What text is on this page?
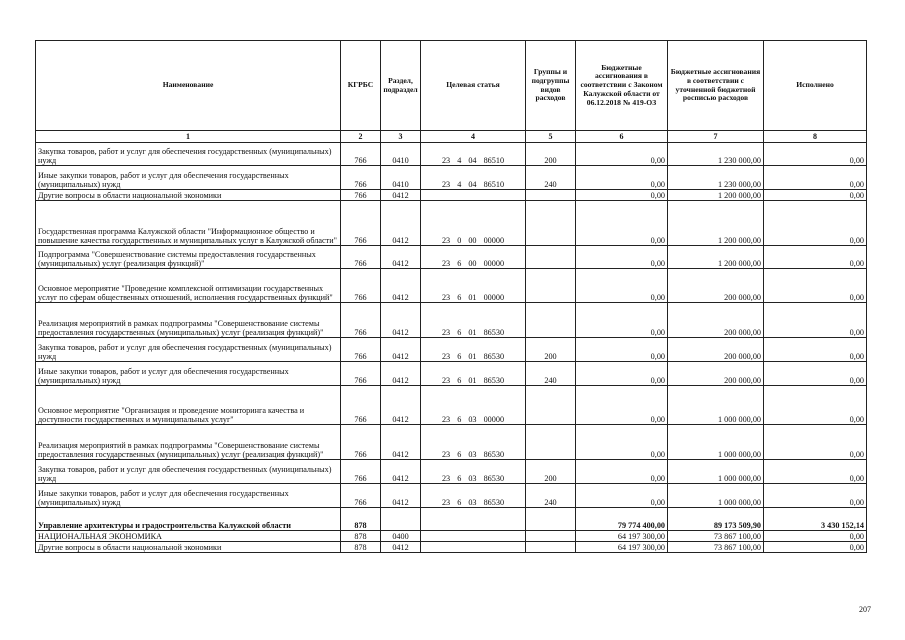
Наименование	КГРБС	Раздел, подраздел	Целевая статья	Группы и подгруппы видов расходов	Бюджетные ассигнования в соответствии с Законом Калужской области от 06.12.2018 № 419-ОЗ	Бюджетные ассигнования в соответствии с уточненной бюджетной росписью расходов	Исполнено
1	2	3	4	5	6	7	8
Закупка товаров, работ и услуг для обеспечения государственных (муниципальных) нужд	766	0410	23 4 04 86510	200	0,00	1 230 000,00	0,00
Иные закупки товаров, работ и услуг для обеспечения государственных (муниципальных) нужд	766	0410	23 4 04 86510	240	0,00	1 230 000,00	0,00
Другие вопросы в области национальной экономики	766	0412			0,00	1 200 000,00	0,00
Государственная программа Калужской области "Информационное общество и повышение качества государственных и муниципальных услуг в Калужской области"	766	0412	23 0 00 00000		0,00	1 200 000,00	0,00
Подпрограмма "Совершенствование системы предоставления государственных (муниципальных) услуг (реализация функций)"	766	0412	23 6 00 00000		0,00	1 200 000,00	0,00
Основное мероприятие "Проведение комплексной оптимизации государственных услуг по сферам общественных отношений, исполнения государственных функций"	766	0412	23 6 01 00000		0,00	200 000,00	0,00
Реализация мероприятий в рамках подпрограммы "Совершенствование системы предоставления государственных (муниципальных) услуг (реализация функций)"	766	0412	23 6 01 86530		0,00	200 000,00	0,00
Закупка товаров, работ и услуг для обеспечения государственных (муниципальных) нужд	766	0412	23 6 01 86530	200	0,00	200 000,00	0,00
Иные закупки товаров, работ и услуг для обеспечения государственных (муниципальных) нужд	766	0412	23 6 01 86530	240	0,00	200 000,00	0,00
Основное мероприятие "Организация и проведение мониторинга качества и доступности государственных и муниципальных услуг"	766	0412	23 6 03 00000		0,00	1 000 000,00	0,00
Реализация мероприятий в рамках подпрограммы "Совершенствование системы предоставления государственных (муниципальных) услуг (реализация функций)"	766	0412	23 6 03 86530		0,00	1 000 000,00	0,00
Закупка товаров, работ и услуг для обеспечения государственных (муниципальных) нужд	766	0412	23 6 03 86530	200	0,00	1 000 000,00	0,00
Иные закупки товаров, работ и услуг для обеспечения государственных (муниципальных) нужд	766	0412	23 6 03 86530	240	0,00	1 000 000,00	0,00
Управление архитектуры и градостроительства Калужской области	878				79 774 400,00	89 173 509,90	3 430 152,14
НАЦИОНАЛЬНАЯ ЭКОНОМИКА	878	0400			64 197 300,00	73 867 100,00	0,00
Другие вопросы в области национальной экономики	878	0412			64 197 300,00	73 867 100,00	0,00
207
